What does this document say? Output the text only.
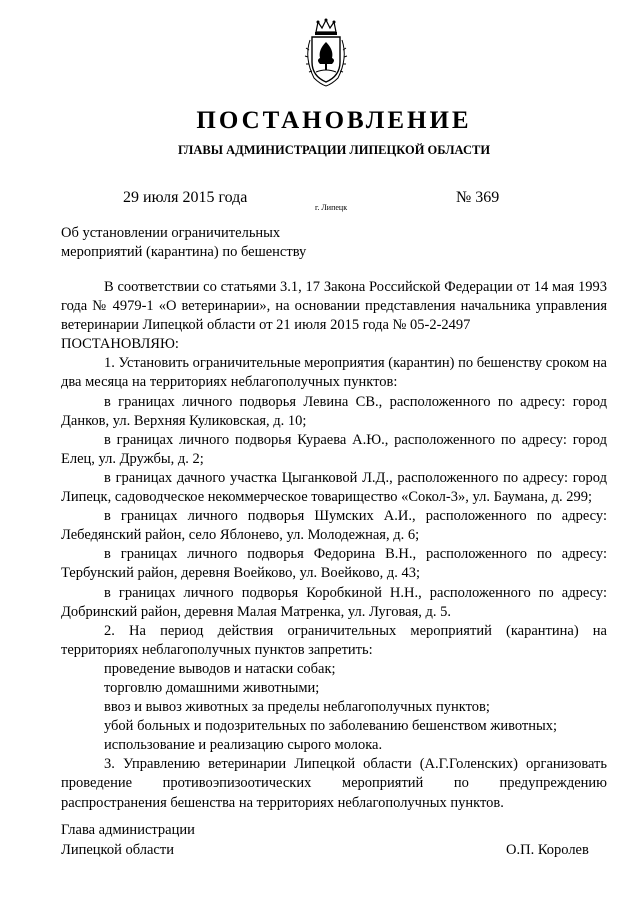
ПОСТАНОВЛЕНИЕ
ГЛАВЫ АДМИНИСТРАЦИИ ЛИПЕЦКОЙ ОБЛАСТИ
29 июля 2015 года
г. Липецк
№ 369
Об установлении ограничительных
мероприятий (карантина) по бешенству

В соответствии со статьями 3.1, 17 Закона Российской Федерации от 14 мая 1993 года № 4979-1 «О ветеринарии», на основании представления начальника управления ветеринарии Липецкой области от 21 июля 2015 года № 05-2-2497

ПОСТАНОВЛЯЮ:

1. Установить ограничительные мероприятия (карантин) по бешенству сроком на два месяца на территориях неблагополучных пунктов:

в границах личного подворья Левина СВ., расположенного по адресу: город Данков, ул. Верхняя Куликовская, д. 10;

в границах личного подворья Кураева А.Ю., расположенного по адресу: город Елец, ул. Дружбы, д. 2;

в границах дачного участка Цыганковой Л.Д., расположенного по адресу: город Липецк, садоводческое некоммерческое товарищество «Сокол-3», ул. Баумана, д. 299;

в границах личного подворья Шумских А.И., расположенного по адресу: Лебедянский район, село Яблонево, ул. Молодежная, д. 6;

в границах личного подворья Федорина В.Н., расположенного по адресу: Тербунский район, деревня Воейково, ул. Воейково, д. 43;

в границах личного подворья Коробкиной Н.Н., расположенного по адресу: Добринский район, деревня Малая Матренка, ул. Луговая, д. 5.

2. На период действия ограничительных мероприятий (карантина) на территориях неблагополучных пунктов запретить:

проведение выводов и натаски собак;

торговлю домашними животными;

ввоз и вывоз животных за пределы неблагополучных пунктов;

убой больных и подозрительных по заболеванию бешенством животных;

использование и реализацию сырого молока.

3. Управлению ветеринарии Липецкой области (А.Г.Голенских) организовать проведение противоэпизоотических мероприятий по предупреждению распространения бешенства на территориях неблагополучных пунктов.

Глава администрации
Липецкой области	О.П. Королев
